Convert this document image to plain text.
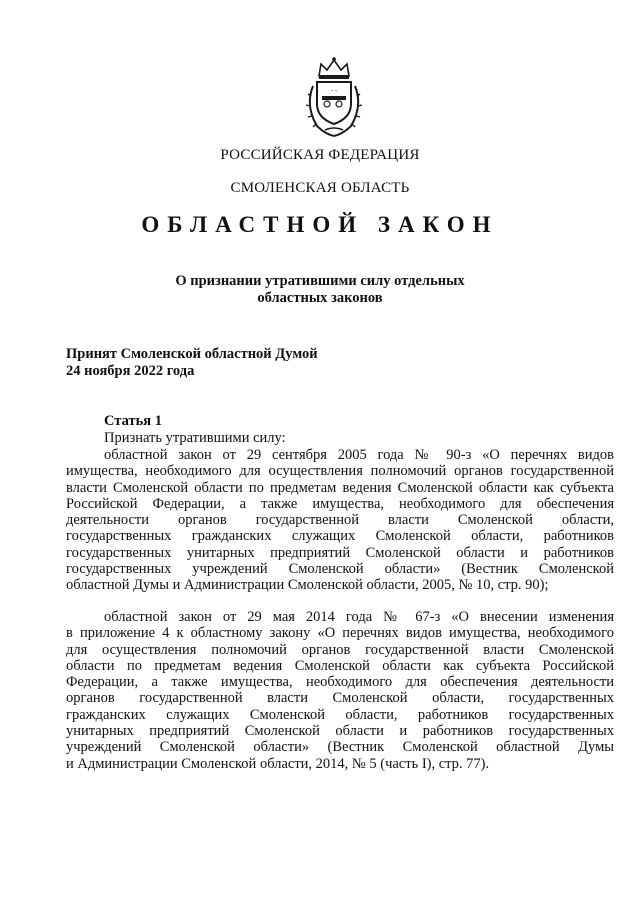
РОССИЙСКАЯ ФЕДЕРАЦИЯ
СМОЛЕНСКАЯ ОБЛАСТЬ
ОБЛАСТНОЙ ЗАКОН
О признании утратившими силу отдельных
областных законов
Принят Смоленской областной Думой
24 ноября 2022 года
Статья 1
Признать утратившими силу:
областной закон от 29 сентября 2005 года № 90-з «О перечнях видов
имущества, необходимого для осуществления полномочий органов государственной
власти Смоленской области по предметам ведения Смоленской области как субъекта
Российской Федерации, а также имущества, необходимого для обеспечения
деятельности органов государственной власти Смоленской области,
государственных гражданских служащих Смоленской области, работников
государственных унитарных предприятий Смоленской области и работников
государственных учреждений Смоленской области» (Вестник Смоленской
областной Думы и Администрации Смоленской области, 2005, № 10, стр. 90);
областной закон от 29 мая 2014 года № 67-з «О внесении изменения
в приложение 4 к областному закону «О перечнях видов имущества, необходимого
для осуществления полномочий органов государственной власти Смоленской
области по предметам ведения Смоленской области как субъекта Российской
Федерации, а также имущества, необходимого для обеспечения деятельности
органов государственной власти Смоленской области, государственных
гражданских служащих Смоленской области, работников государственных
унитарных предприятий Смоленской области и работников государственных
учреждений Смоленской области» (Вестник Смоленской областной Думы
и Администрации Смоленской области, 2014, № 5 (часть I), стр. 77).
